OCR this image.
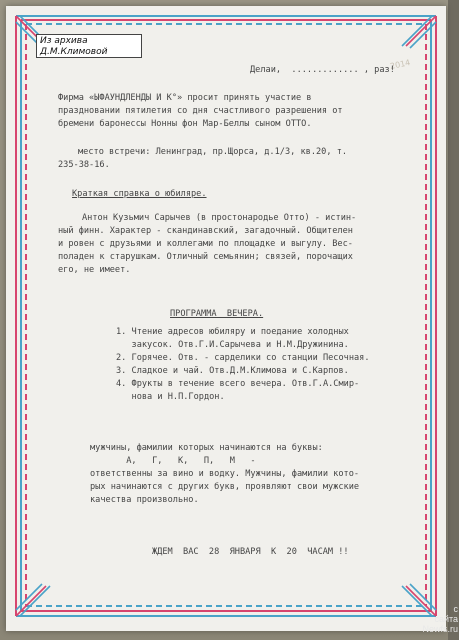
Из архива
Д.М.Климовой
2014
Делаи,  ............. , раз!
Фирма «ЫФАУНДЛЕНДЫ И К°» просит принять участие в
праздновании пятилетия со дня счастливого разрешения от
бремени баронессы Нонны фон Мар-Беллы сыном ОТТО.
место встречи: Ленинград, пр.Щорса, д.1/3, кв.20, т.
235-38-16.
Краткая справка о юбиляре.
Антон Кузьмич Сарычев (в простонародье Отто) - истин-
ный финн. Характер - скандинавский, загадочный. Общителен
и ровен с друзьями и коллегами по площадке и выгулу. Вес-
поладен к старушкам. Отличный семьянин; связей, порочащих
его, не имеет.
ПРОГРАММА  ВЕЧЕРА.
1. Чтение адресов юбиляру и поедание холодных
закусок. Отв.Г.И.Сарычева и Н.М.Дружинина.
2. Горячее. Отв. - сарделики со станции Песочная.
3. Сладкое и чай. Отв.Д.М.Климова и С.Карпов.
4. Фрукты в течение всего вечера. Отв.Г.А.Смир-
нова и Н.П.Гордон.
мужчины, фамилии которых начинаются на буквы:
А,   Г,   К,   П,   М   -
ответственны за вино и водку. Мужчины, фамилии кото-
рых начинаются с других букв, проявляют свои мужские
качества произвольно.
ЖДЕМ  ВАС  28  ЯНВАРЯ  К  20  ЧАСАМ !!
c
сайта
Newfs.ru
